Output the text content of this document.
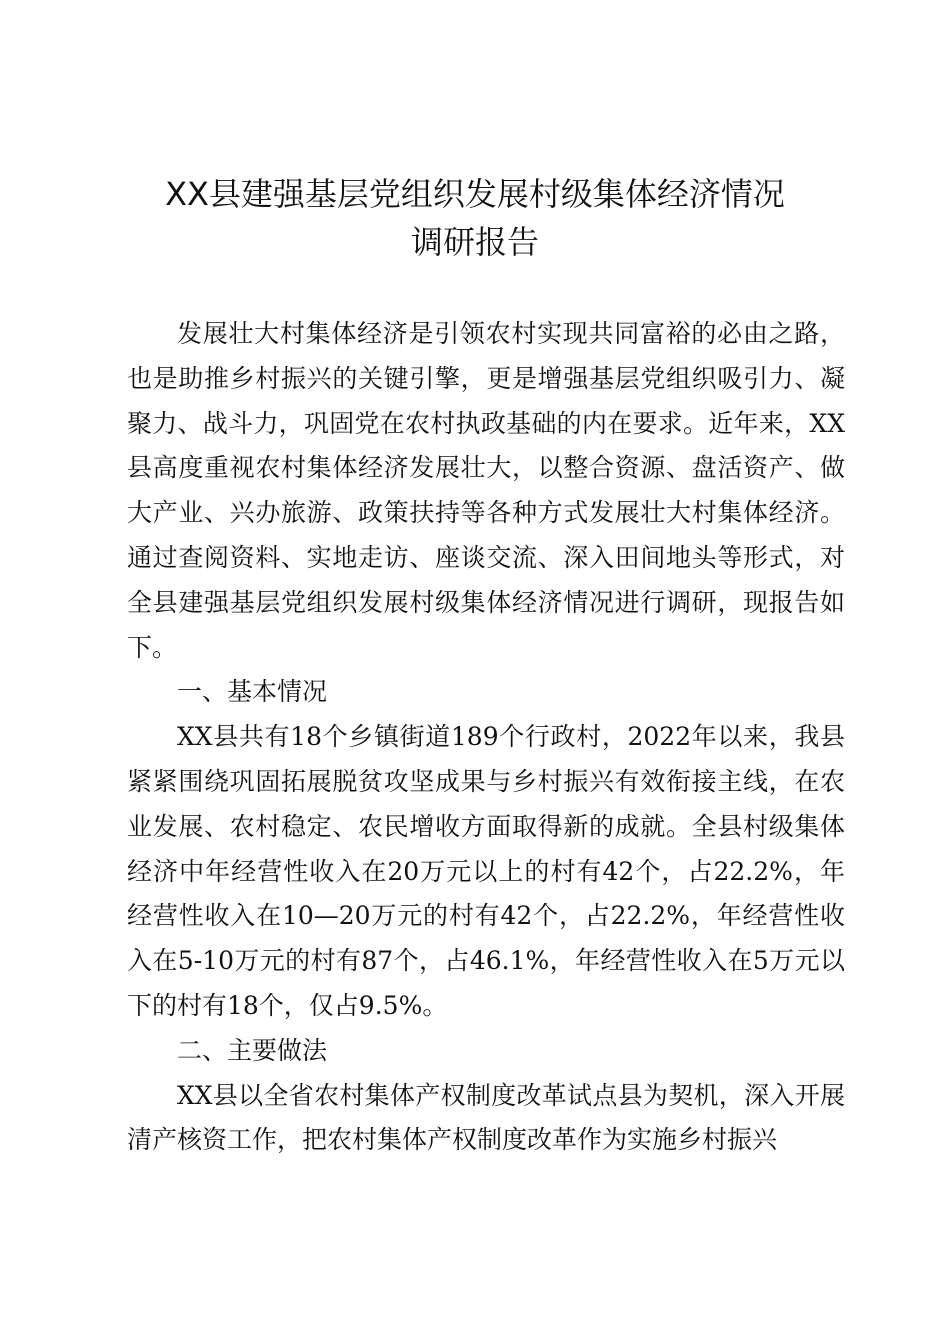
XX县建强基层党组织发展村级集体经济情况
调研报告

发展壮大村集体经济是引领农村实现共同富裕的必由之路，也是助推乡村振兴的关键引擎，更是增强基层党组织吸引力、凝聚力、战斗力，巩固党在农村执政基础的内在要求。近年来，XX县高度重视农村集体经济发展壮大，以整合资源、盘活资产、做大产业、兴办旅游、政策扶持等各种方式发展壮大村集体经济。通过查阅资料、实地走访、座谈交流、深入田间地头等形式，对全县建强基层党组织发展村级集体经济情况进行调研，现报告如下。

一、基本情况

XX县共有18个乡镇街道189个行政村，2022年以来，我县紧紧围绕巩固拓展脱贫攻坚成果与乡村振兴有效衔接主线，在农业发展、农村稳定、农民增收方面取得新的成就。全县村级集体经济中年经营性收入在20万元以上的村有42个，占22.2%，年经营性收入在10—20万元的村有42个，占22.2%，年经营性收入在5-10万元的村有87个，占46.1%，年经营性收入在5万元以下的村有18个，仅占9.5%。

二、主要做法

XX县以全省农村集体产权制度改革试点县为契机，深入开展清产核资工作，把农村集体产权制度改革作为实施乡村振兴
